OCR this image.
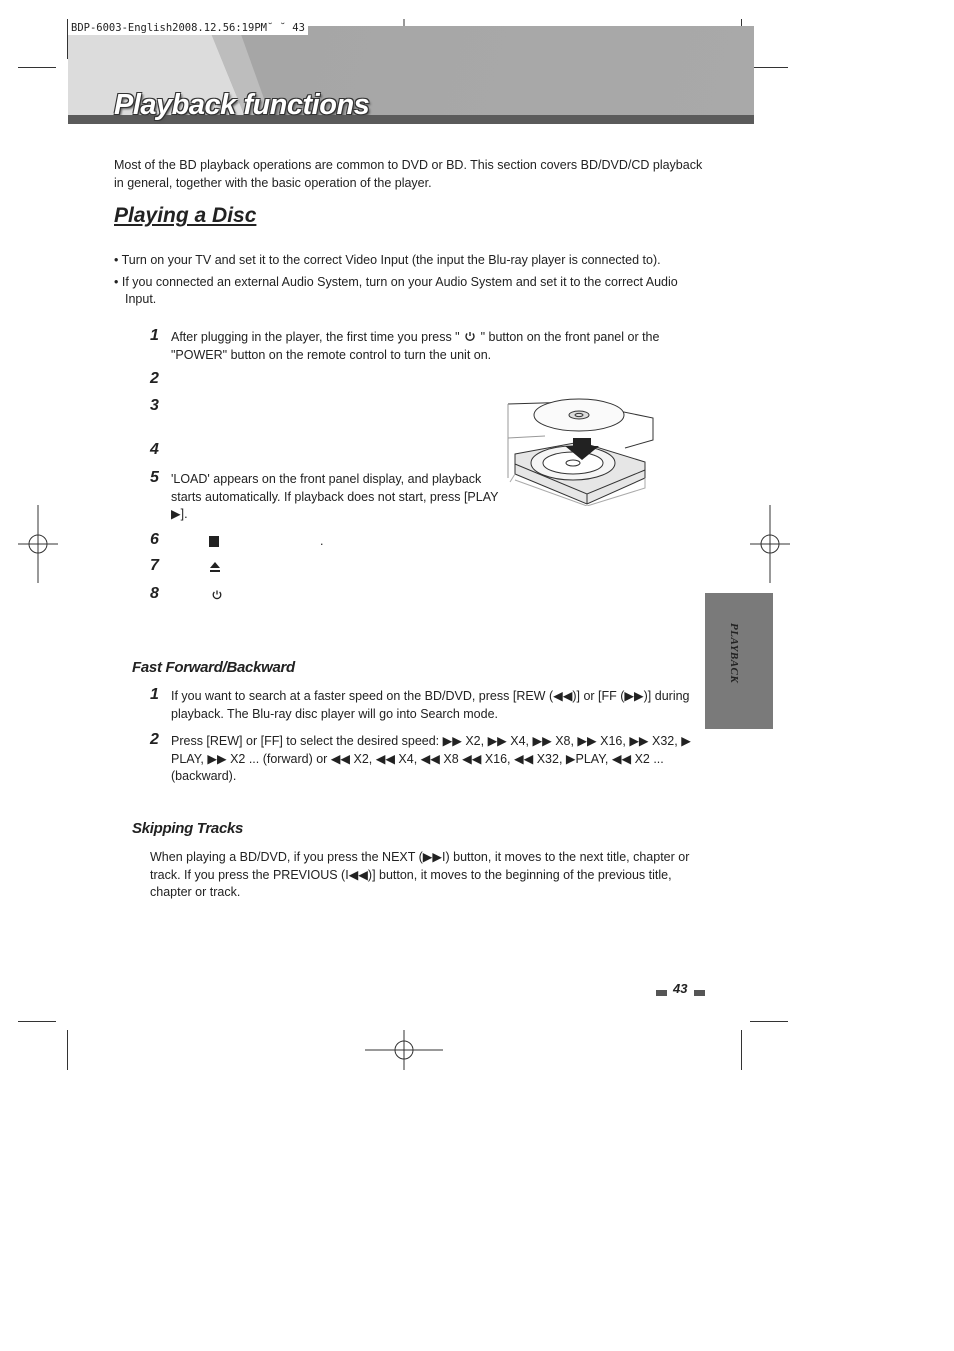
BDP-6003-English2008.12.56:19PM˘ ˘ 43
Playback functions
Most of the BD playback operations are common to DVD or BD. This section covers BD/DVD/CD playback
in general, together with the basic operation of the player.
Playing a Disc
• Turn on your TV and set it to the correct Video Input (the input the Blu-ray player is connected to).
• If you connected an external Audio System, turn on your Audio System and set it to the correct Audio
Input.
1 After plugging in the player, the first time you press " " button on the front panel or the
"POWER" button on the remote control to turn the unit on.
2
3
4
5 'LOAD' appears on the front panel display, and playback
starts automatically. If playback does not start, press [PLAY
▶].
6	.
7
8
Fast Forward/Backward
1 If you want to search at a faster speed on the BD/DVD, press [REW (◀◀)] or [FF (▶▶)] during
playback. The Blu-ray disc player will go into Search mode.
2 Press [REW] or [FF] to select the desired speed: ▶▶ X2, ▶▶ X4, ▶▶ X8, ▶▶ X16, ▶▶ X32, ▶
PLAY, ▶▶ X2 ... (forward) or ◀◀ X2, ◀◀ X4, ◀◀ X8 ◀◀ X16, ◀◀ X32, ▶PLAY, ◀◀ X2 ...
(backward).
Skipping Tracks
When playing a BD/DVD, if you press the NEXT (▶▶I) button, it moves to the next title, chapter or
track. If you press the PREVIOUS (I◀◀)] button, it moves to the beginning of the previous title,
chapter or track.
PLAYBACK
43
